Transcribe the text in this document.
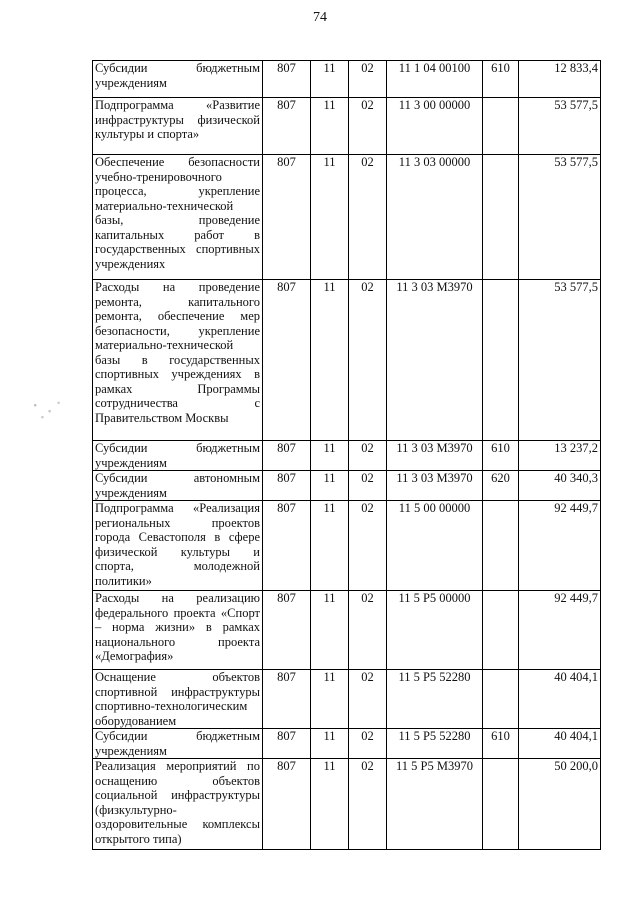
74
Субсидии бюджетным учреждениям	807	11	02	11 1 04 00100	610	12 833,4
Подпрограмма «Развитие инфраструктуры физической культуры и спорта»	807	11	02	11 3 00 00000		53 577,5
Обеспечение безопасности учебно-тренировочного процесса, укрепление материально-технической базы, проведение капитальных работ в государственных спортивных учреждениях	807	11	02	11 3 03 00000		53 577,5
Расходы на проведение ремонта, капитального ремонта, обеспечение мер безопасности, укрепление материально-технической базы в государственных спортивных учреждениях в рамках Программы сотрудничества с Правительством Москвы	807	11	02	11 3 03 М3970		53 577,5
Субсидии бюджетным учреждениям	807	11	02	11 3 03 М3970	610	13 237,2
Субсидии автономным учреждениям	807	11	02	11 3 03 М3970	620	40 340,3
Подпрограмма «Реализация региональных проектов города Севастополя в сфере физической культуры и спорта, молодежной политики»	807	11	02	11 5 00 00000		92 449,7
Расходы на реализацию федерального проекта «Спорт – норма жизни» в рамках национального проекта «Демография»	807	11	02	11 5 Р5 00000		92 449,7
Оснащение объектов спортивной инфраструктуры спортивно-технологическим оборудованием	807	11	02	11 5 Р5 52280		40 404,1
Субсидии бюджетным учреждениям	807	11	02	11 5 Р5 52280	610	40 404,1
Реализация мероприятий по оснащению объектов социальной инфраструктуры (физкультурно-оздоровительные комплексы открытого типа)	807	11	02	11 5 Р5 М3970		50 200,0
